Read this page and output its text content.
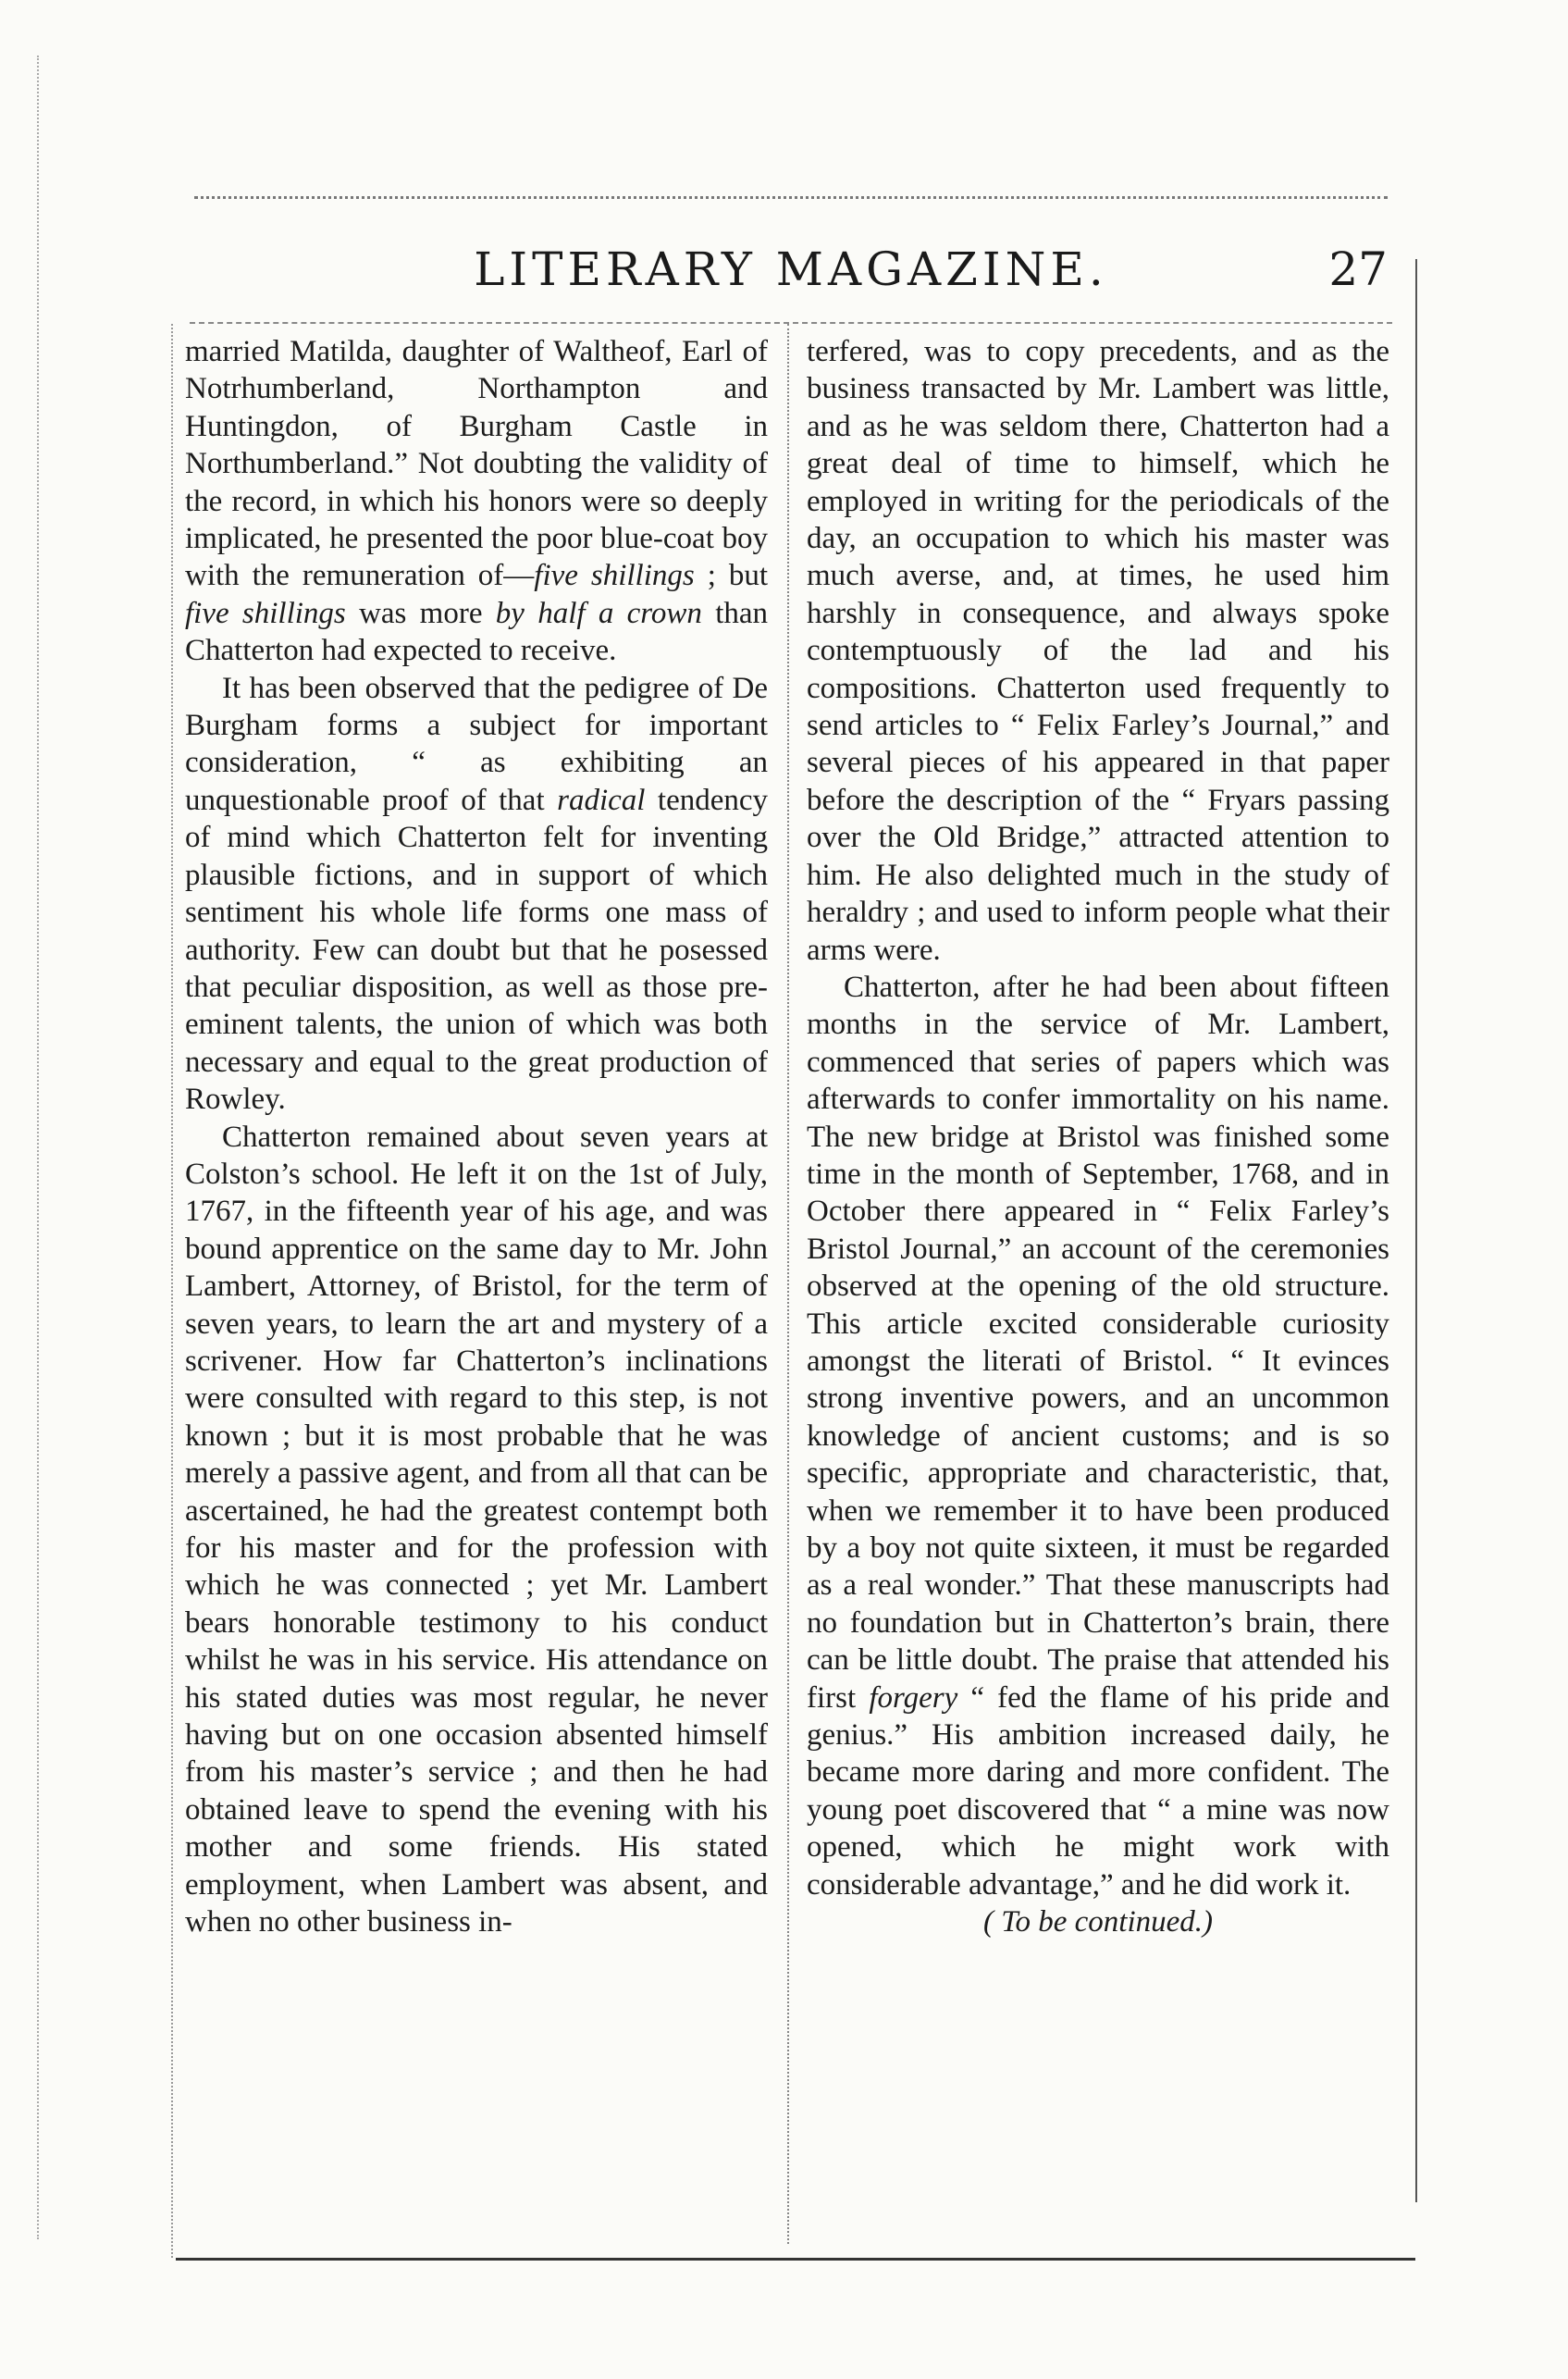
LITERARY MAGAZINE.	27

married Matilda, daughter of Waltheof, Earl of Notrhumberland, Northampton and Huntingdon, of Burgham Castle in Northumberland.” Not doubting the validity of the record, in which his honors were so deeply implicated, he presented the poor blue-coat boy with the remuneration of—five shillings ; but five shillings was more by half a crown than Chatterton had expected to receive.

It has been observed that the pedigree of De Burgham forms a subject for important consideration, “ as exhibiting an unquestionable proof of that radical tendency of mind which Chatterton felt for inventing plausible fictions, and in support of which sentiment his whole life forms one mass of authority. Few can doubt but that he posessed that peculiar disposition, as well as those pre-eminent talents, the union of which was both necessary and equal to the great production of Rowley.

Chatterton remained about seven years at Colston’s school. He left it on the 1st of July, 1767, in the fifteenth year of his age, and was bound apprentice on the same day to Mr. John Lambert, Attorney, of Bristol, for the term of seven years, to learn the art and mystery of a scrivener. How far Chatterton’s inclinations were consulted with regard to this step, is not known ; but it is most probable that he was merely a passive agent, and from all that can be ascertained, he had the greatest contempt both for his master and for the profession with which he was connected ; yet Mr. Lambert bears honorable testimony to his conduct whilst he was in his service. His attendance on his stated duties was most regular, he never having but on one occasion absented himself from his master’s service ; and then he had obtained leave to spend the evening with his mother and some friends. His stated employment, when Lambert was absent, and when no other business in-

terfered, was to copy precedents, and as the business transacted by Mr. Lambert was little, and as he was seldom there, Chatterton had a great deal of time to himself, which he employed in writing for the periodicals of the day, an occupation to which his master was much averse, and, at times, he used him harshly in consequence, and always spoke contemptuously of the lad and his compositions. Chatterton used frequently to send articles to “ Felix Farley’s Journal,” and several pieces of his appeared in that paper before the description of the “ Fryars passing over the Old Bridge,” attracted attention to him. He also delighted much in the study of heraldry ; and used to inform people what their arms were.

Chatterton, after he had been about fifteen months in the service of Mr. Lambert, commenced that series of papers which was afterwards to confer immortality on his name. The new bridge at Bristol was finished some time in the month of September, 1768, and in October there appeared in “ Felix Farley’s Bristol Journal,” an account of the ceremonies observed at the opening of the old structure. This article excited considerable curiosity amongst the literati of Bristol. “ It evinces strong inventive powers, and an uncommon knowledge of ancient customs; and is so specific, appropriate and characteristic, that, when we remember it to have been produced by a boy not quite sixteen, it must be regarded as a real wonder.” That these manuscripts had no foundation but in Chatterton’s brain, there can be little doubt. The praise that attended his first forgery “ fed the flame of his pride and genius.” His ambition increased daily, he became more daring and more confident. The young poet discovered that “ a mine was now opened, which he might work with considerable advantage,” and he did work it.

( To be continued.)
